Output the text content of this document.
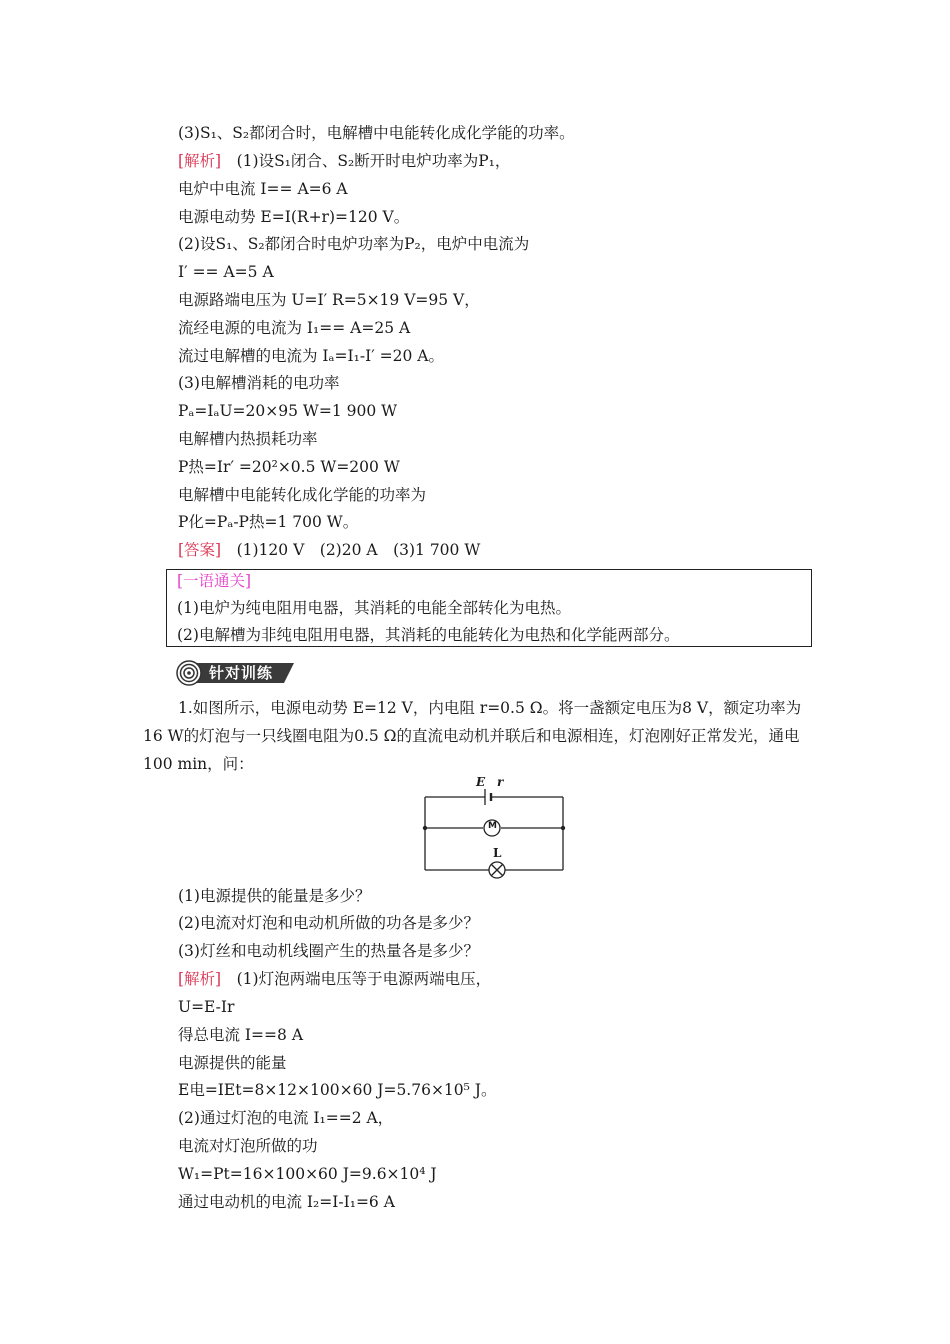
(3)S₁、S₂都闭合时，电解槽中电能转化成化学能的功率。
[解析]　(1)设S₁闭合、S₂断开时电炉功率为P₁，
电炉中电流 I== A=6 A
电源电动势 E=I(R+r)=120 V。
(2)设S₁、S₂都闭合时电炉功率为P₂，电炉中电流为
I′ == A=5 A
电源路端电压为 U=I′ R=5×19 V=95 V，
流经电源的电流为 I₁== A=25 A
流过电解槽的电流为 Iₐ=I₁-I′ =20 A。
(3)电解槽消耗的电功率
Pₐ=IₐU=20×95 W=1 900 W
电解槽内热损耗功率
P热=Ir′ =20²×0.5 W=200 W
电解槽中电能转化成化学能的功率为
P化=Pₐ-P热=1 700 W。
[答案]　(1)120 V　(2)20 A　(3)1 700 W
[一语通关]
(1)电炉为纯电阻用电器，其消耗的电能全部转化为电热。
(2)电解槽为非纯电阻用电器，其消耗的电能转化为电热和化学能两部分。
针对训练
1.如图所示，电源电动势 E=12 V，内电阻 r=0.5 Ω。将一盏额定电压为8 V，额定功率为16 W的灯泡与一只线圈电阻为0.5 Ω的直流电动机并联后和电源相连，灯泡刚好正常发光，通电100 min，问：
E r
M
L
(1)电源提供的能量是多少？
(2)电流对灯泡和电动机所做的功各是多少？
(3)灯丝和电动机线圈产生的热量各是多少？
[解析]　(1)灯泡两端电压等于电源两端电压，
U=E-Ir
得总电流 I==8 A
电源提供的能量
E电=IEt=8×12×100×60 J=5.76×10⁵ J。
(2)通过灯泡的电流 I₁==2 A，
电流对灯泡所做的功
W₁=Pt=16×100×60 J=9.6×10⁴ J
通过电动机的电流 I₂=I-I₁=6 A
